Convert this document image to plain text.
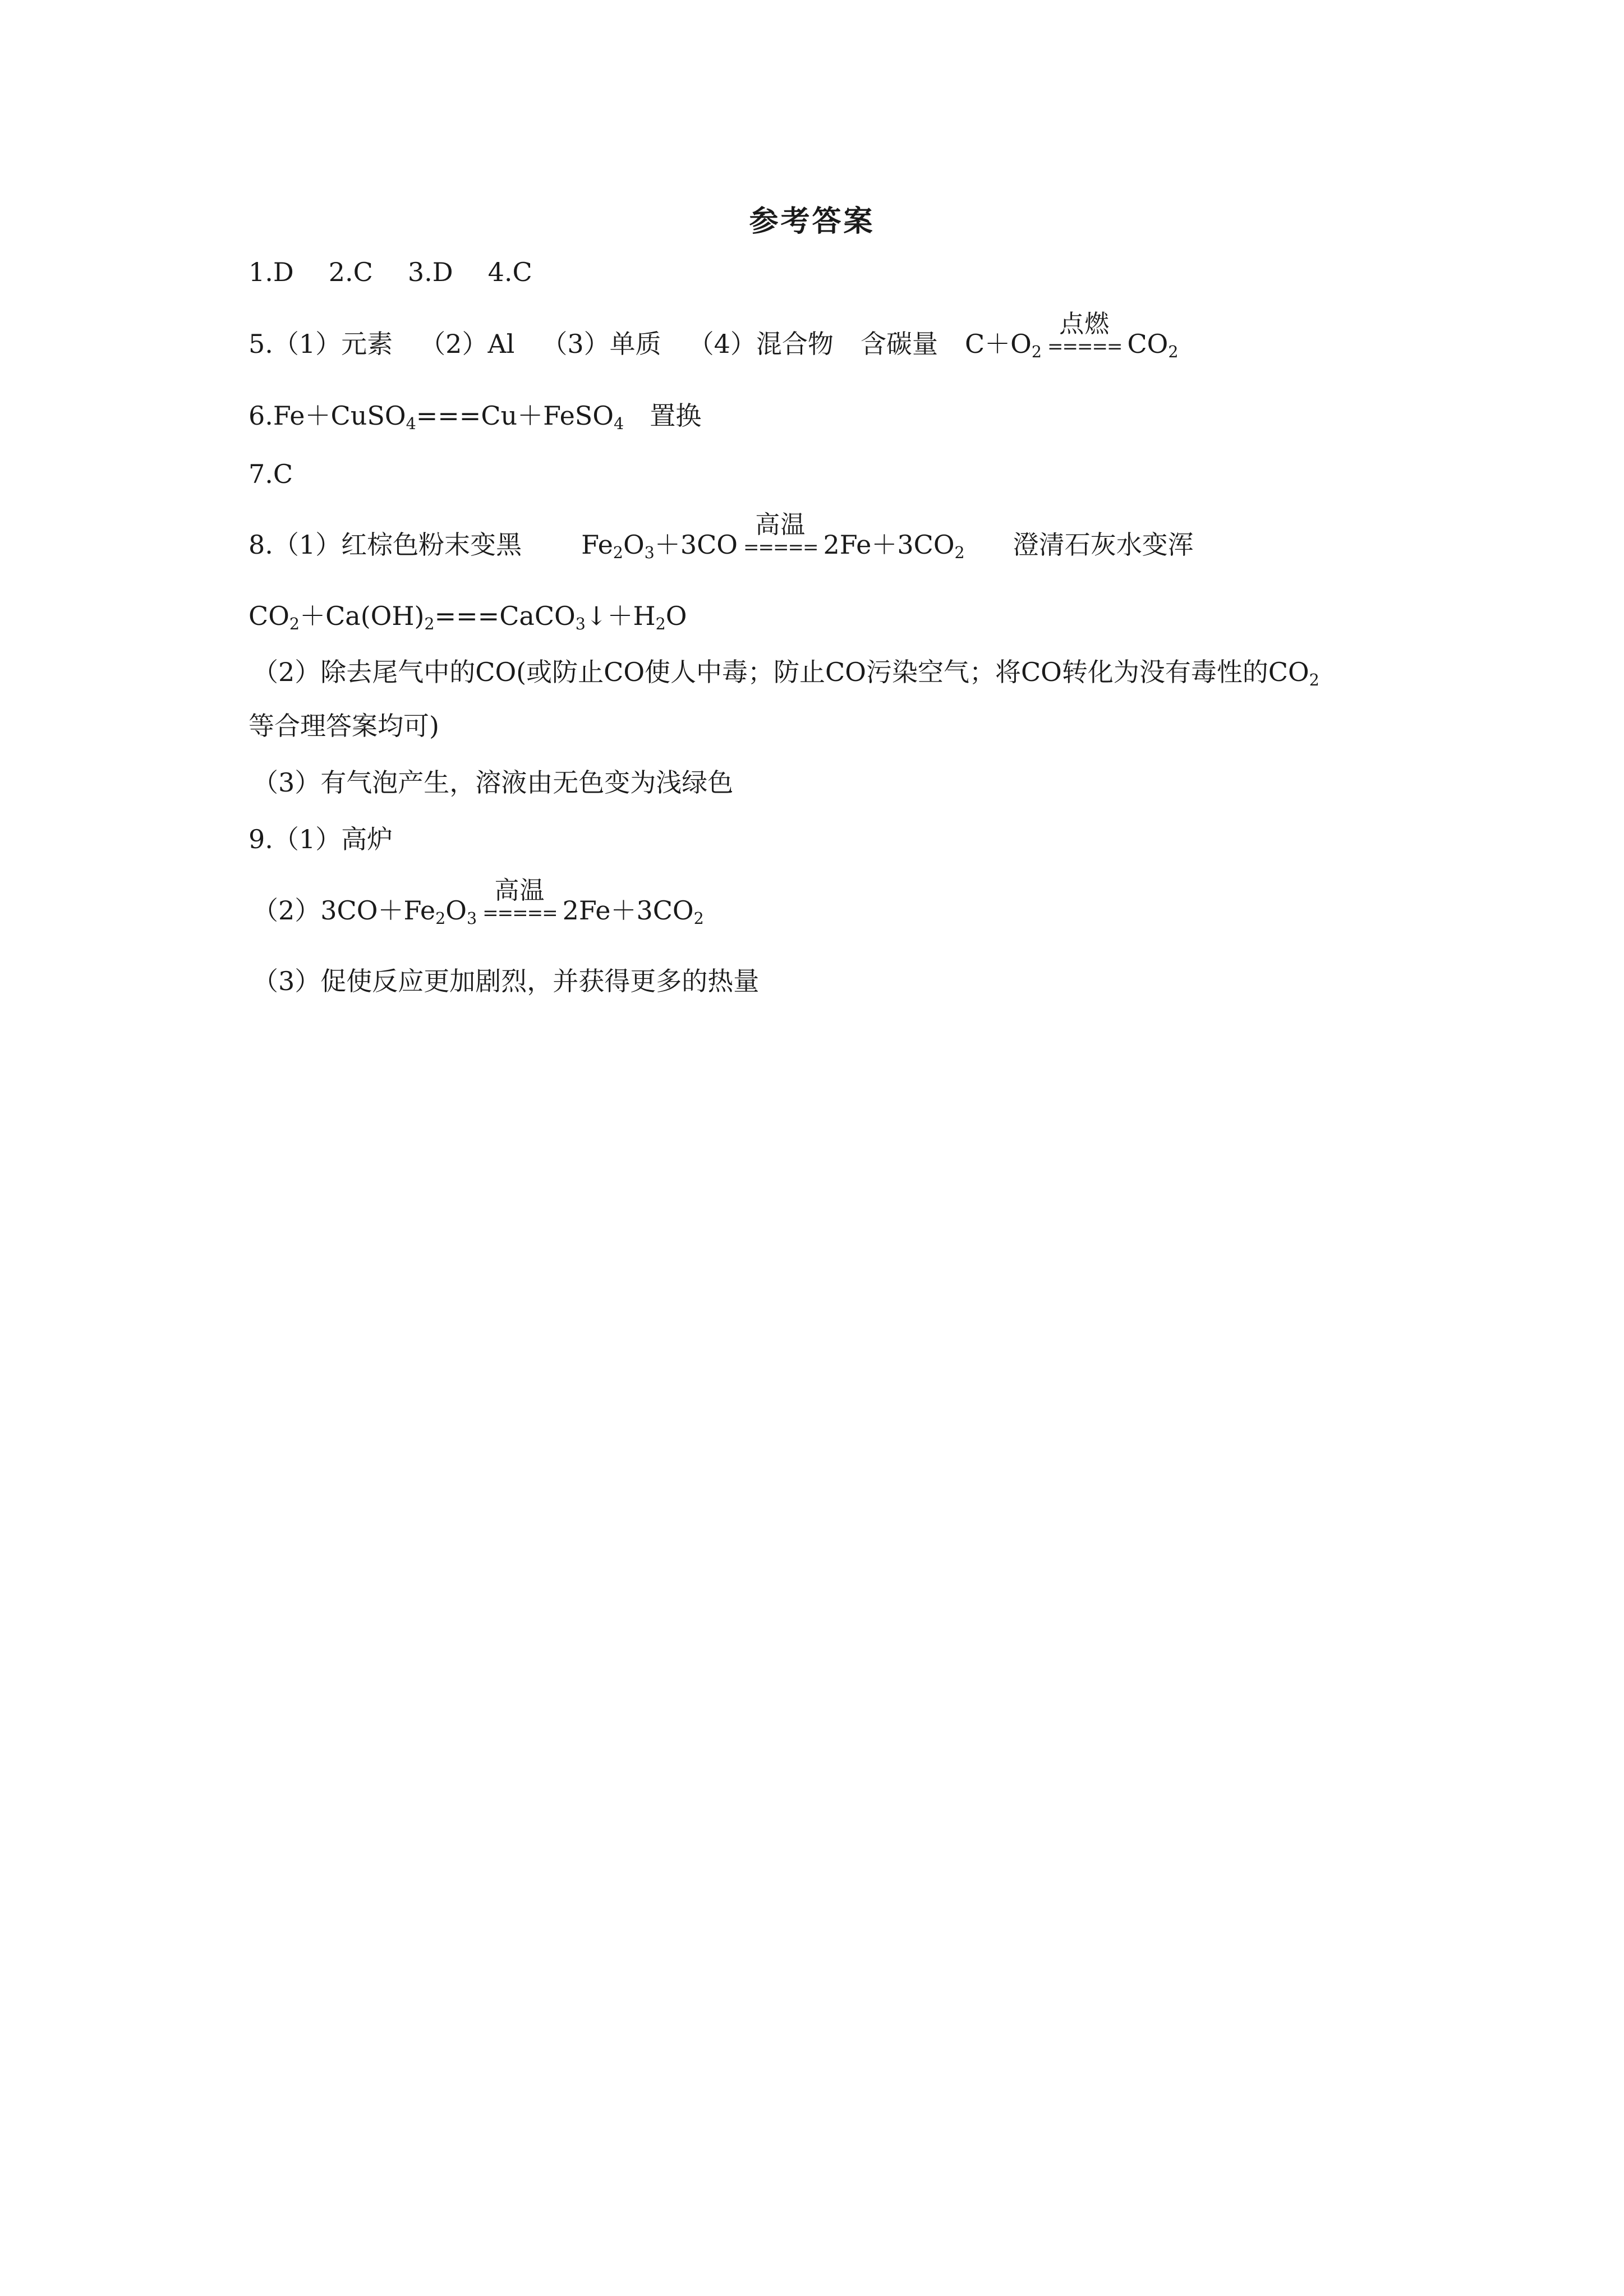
参考答案
1.D 2.C 3.D 4.C
5.（1）元素 （2）Al （3）单质 （4）混合物 含碳量 $C+O_2$
点燃
===== $CO_2$
6.Fe＋CuSO$_4$===Cu＋FeSO$_4$ 置换
7.C
8.（1）红棕色粉末变黑 $Fe_2O_3+3CO$
高温
===== $2Fe+3CO_2$ 澄清石灰水变浑
$CO_2+Ca(OH)_2===CaCO_3↓+H_2O$
（2）除去尾气中的CO(或防止CO使人中毒；防止CO污染空气；将CO转化为没有毒性的$CO_2$
等合理答案均可)
（3）有气泡产生，溶液由无色变为浅绿色
9.（1）高炉
$(2)3CO+Fe_2O_3$
高温
===== $2Fe+3CO_2$
（3）促使反应更加剧烈，并获得更多的热量
